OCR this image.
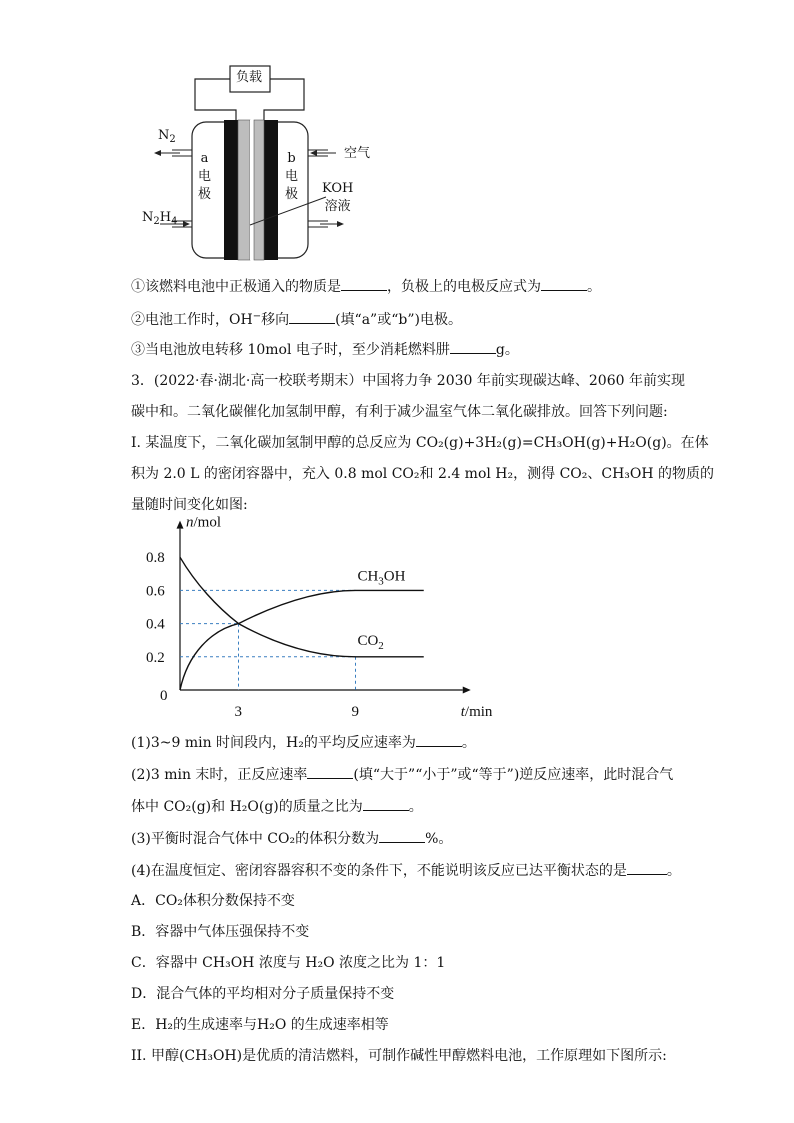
负载
$N_2$
$N_2H_4$
空气
a
电
极
b
电
极 KOH
溶液
①该燃料电池中正极通入的物质是	，负极上的电极反应式为	。
②电池工作时，OH−移向	(填“a”或“b”)电极。
③当电池放电转移 10mol 电子时，至少消耗燃料肼	g。
3．(2022·春·湖北·高一校联考期末）中国将力争 2030 年前实现碳达峰、2060 年前实现
碳中和。二氧化碳催化加氢制甲醇，有利于减少温室气体二氧化碳排放。回答下列问题:
I. 某温度下，二氧化碳加氢制甲醇的总反应为 CO₂(g)+3H₂(g)=CH₃OH(g)+H₂O(g)。在体
积为 2.0 L 的密闭容器中，充入 0.8 mol CO₂和 2.4 mol H₂，测得 CO₂、CH₃OH 的物质的
量随时间变化如图:
n/mol
t/min
0
0.8
0.6
0.4
0.2
3	9
$CH_3OH$
$CO_2$
(1)3~9 min 时间段内，H₂的平均反应速率为	。
(2)3 min 末时，正反应速率	(填“大于”“小于”或“等于”)逆反应速率，此时混合气
体中 CO₂(g)和 H₂O(g)的质量之比为	。
(3)平衡时混合气体中 CO₂的体积分数为	%。
(4)在温度恒定、密闭容器容积不变的条件下，不能说明该反应已达平衡状态的是	。
A．CO₂体积分数保持不变
B．容器中气体压强保持不变
C．容器中 CH₃OH 浓度与 H₂O 浓度之比为 1：1
D．混合气体的平均相对分子质量保持不变
E．H₂的生成速率与H₂O 的生成速率相等
II. 甲醇(CH₃OH)是优质的清洁燃料，可制作碱性甲醇燃料电池，工作原理如下图所示:
